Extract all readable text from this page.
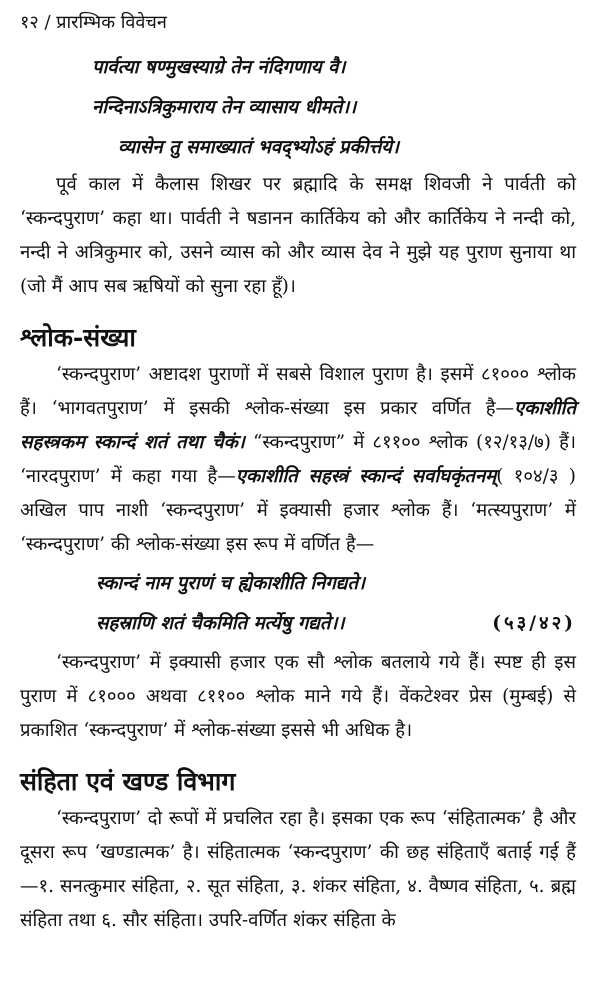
१२ / प्रारम्भिक विवेचन
पार्वत्या षण्मुखस्याग्रे तेन नंदिगणाय वै।
नन्दिनाऽत्रिकुमाराय तेन व्यासाय धीमते।।
व्यासेन तु समाख्यातं भवद्भ्योऽहं प्रकीर्त्तये।

पूर्व काल में कैलास शिखर पर ब्रह्मादि के समक्ष शिवजी ने पार्वती को ‘स्कन्दपुराण’ कहा था। पार्वती ने षडानन कार्तिकेय को और कार्तिकेय ने नन्दी को, नन्दी ने अत्रिकुमार को, उसने व्यास को और व्यास देव ने मुझे यह पुराण सुनाया था (जो मैं आप सब ऋषियों को सुना रहा हूँ)।

श्लोक-संख्या

‘स्कन्दपुराण’ अष्टादश पुराणों में सबसे विशाल पुराण है। इसमें ८१००० श्लोक हैं। ‘भागवतपुराण’ में इसकी श्लोक-संख्या इस प्रकार वर्णित है—एकाशीति सहस्त्रकम स्कान्दं शतं तथा चैकं। “स्कन्दपुराण” में ८११०० श्लोक (१२/१३/७) हैं। ‘नारदपुराण’ में कहा गया है—एकाशीति सहस्त्रं स्कान्दं सर्वाघकृंतनम्( १०४/३ ) अखिल पाप नाशी ‘स्कन्दपुराण’ में इक्यासी हजार श्लोक हैं। ‘मत्स्यपुराण’ में ‘स्कन्दपुराण’ की श्लोक-संख्या इस रूप में वर्णित है—

स्कान्दं नाम पुराणं च ह्येकाशीति निगद्यते।
सहस्राणि शतं चैकमिति मर्त्येषु गद्यते।।	(५३/४२)

‘स्कन्दपुराण’ में इक्यासी हजार एक सौ श्लोक बतलाये गये हैं। स्पष्ट ही इस पुराण में ८१००० अथवा ८११०० श्लोक माने गये हैं। वेंकटेश्वर प्रेस (मुम्बई) से प्रकाशित ‘स्कन्दपुराण’ में श्लोक-संख्या इससे भी अधिक है।

संहिता एवं खण्ड विभाग

‘स्कन्दपुराण’ दो रूपों में प्रचलित रहा है। इसका एक रूप ‘संहितात्मक’ है और दूसरा रूप ‘खण्डात्मक’ है। संहितात्मक ‘स्कन्दपुराण’ की छह संहिताएँ बताई गई हैं—१. सनत्कुमार संहिता, २. सूत संहिता, ३. शंकर संहिता, ४. वैष्णव संहिता, ५. ब्रह्म संहिता तथा ६. सौर संहिता। उपरि-वर्णित शंकर संहिता के
